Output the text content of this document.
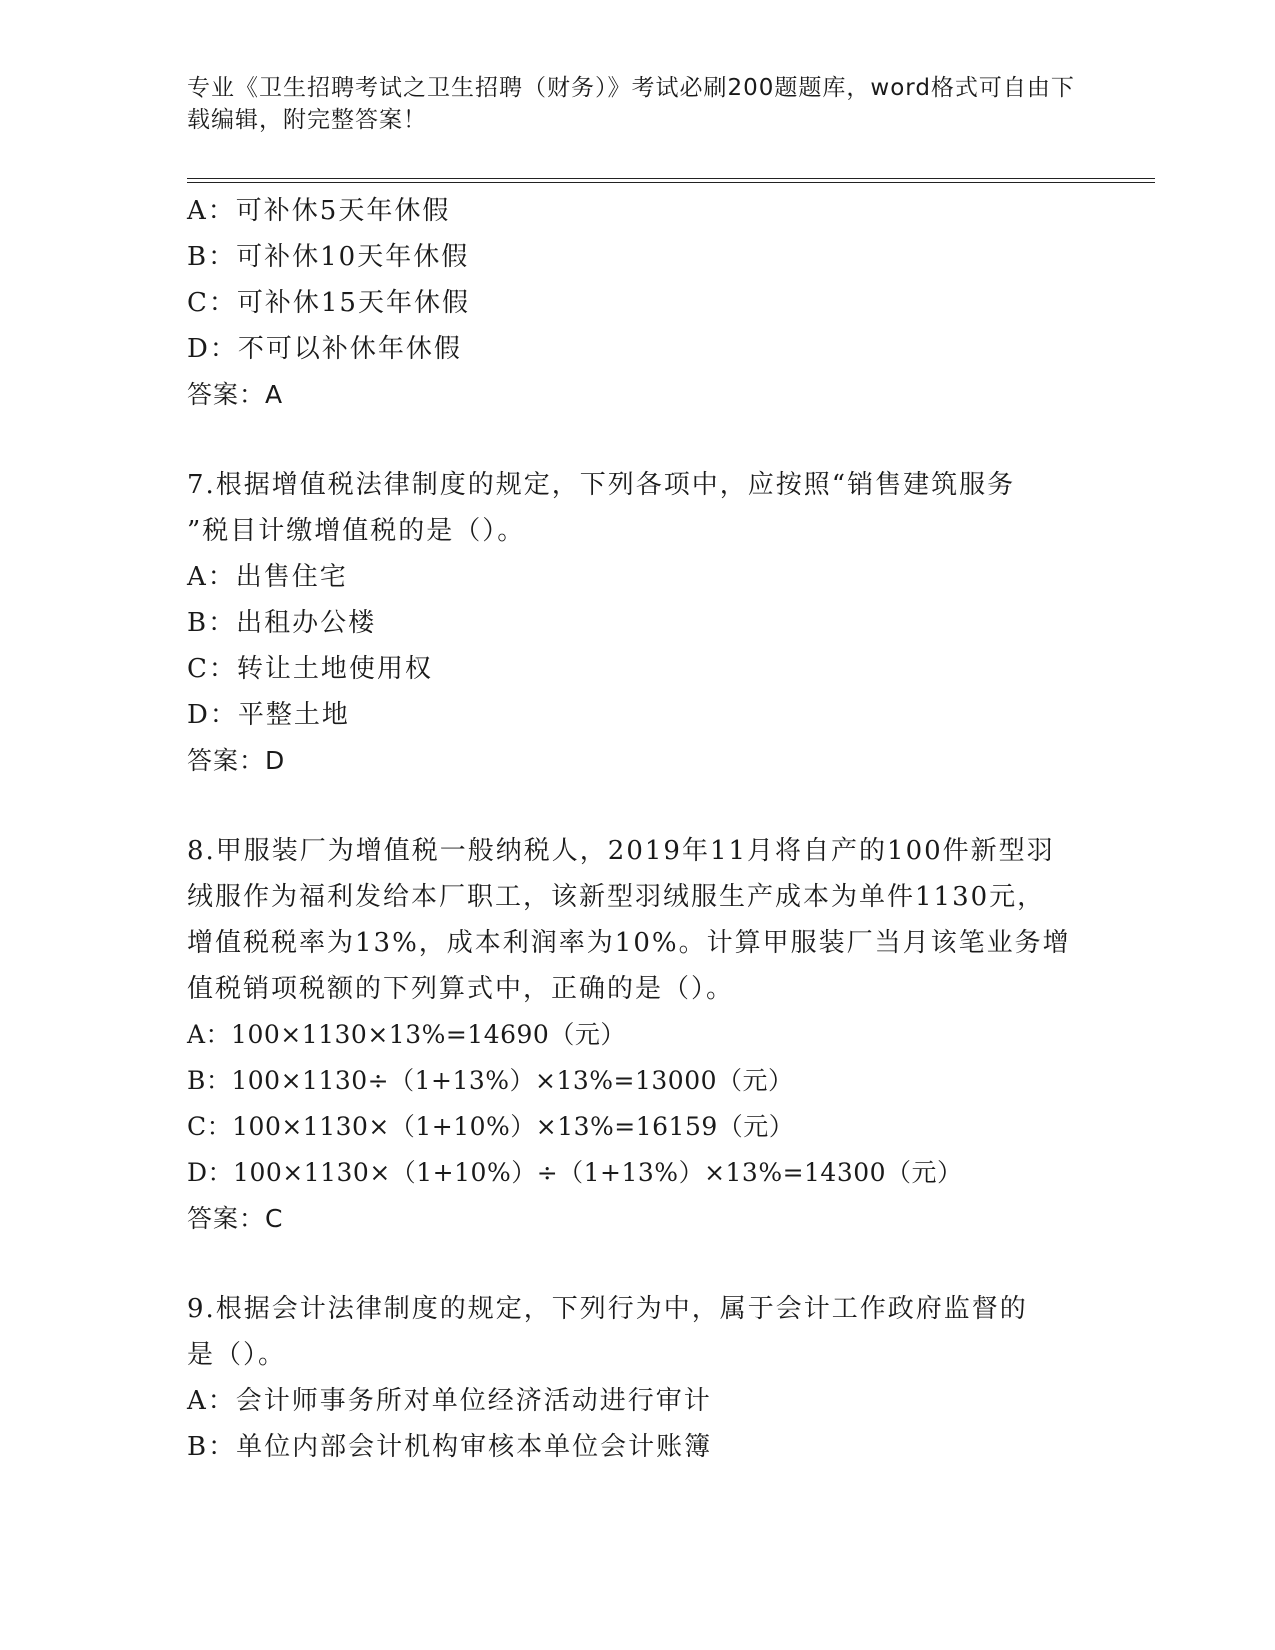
专业《卫生招聘考试之卫生招聘（财务）》考试必刷200题题库，word格式可自由下载编辑，附完整答案！
A：可补休5天年休假
B：可补休10天年休假
C：可补休15天年休假
D：不可以补休年休假
答案：A
7.根据增值税法律制度的规定，下列各项中，应按照“销售建筑服务
”税目计缴增值税的是（）。
A：出售住宅
B：出租办公楼
C：转让土地使用权
D：平整土地
答案：D
8.甲服装厂为增值税一般纳税人，2019年11月将自产的100件新型羽
绒服作为福利发给本厂职工，该新型羽绒服生产成本为单件1130元，
增值税税率为13%，成本利润率为10%。计算甲服装厂当月该笔业务增
值税销项税额的下列算式中，正确的是（）。
A：100×1130×13%=14690（元）
B：100×1130÷（1+13%）×13%=13000（元）
C：100×1130×（1+10%）×13%=16159（元）
D：100×1130×（1+10%）÷（1+13%）×13%=14300（元）
答案：C
9.根据会计法律制度的规定，下列行为中，属于会计工作政府监督的
是（）。
A：会计师事务所对单位经济活动进行审计
B：单位内部会计机构审核本单位会计账簿
